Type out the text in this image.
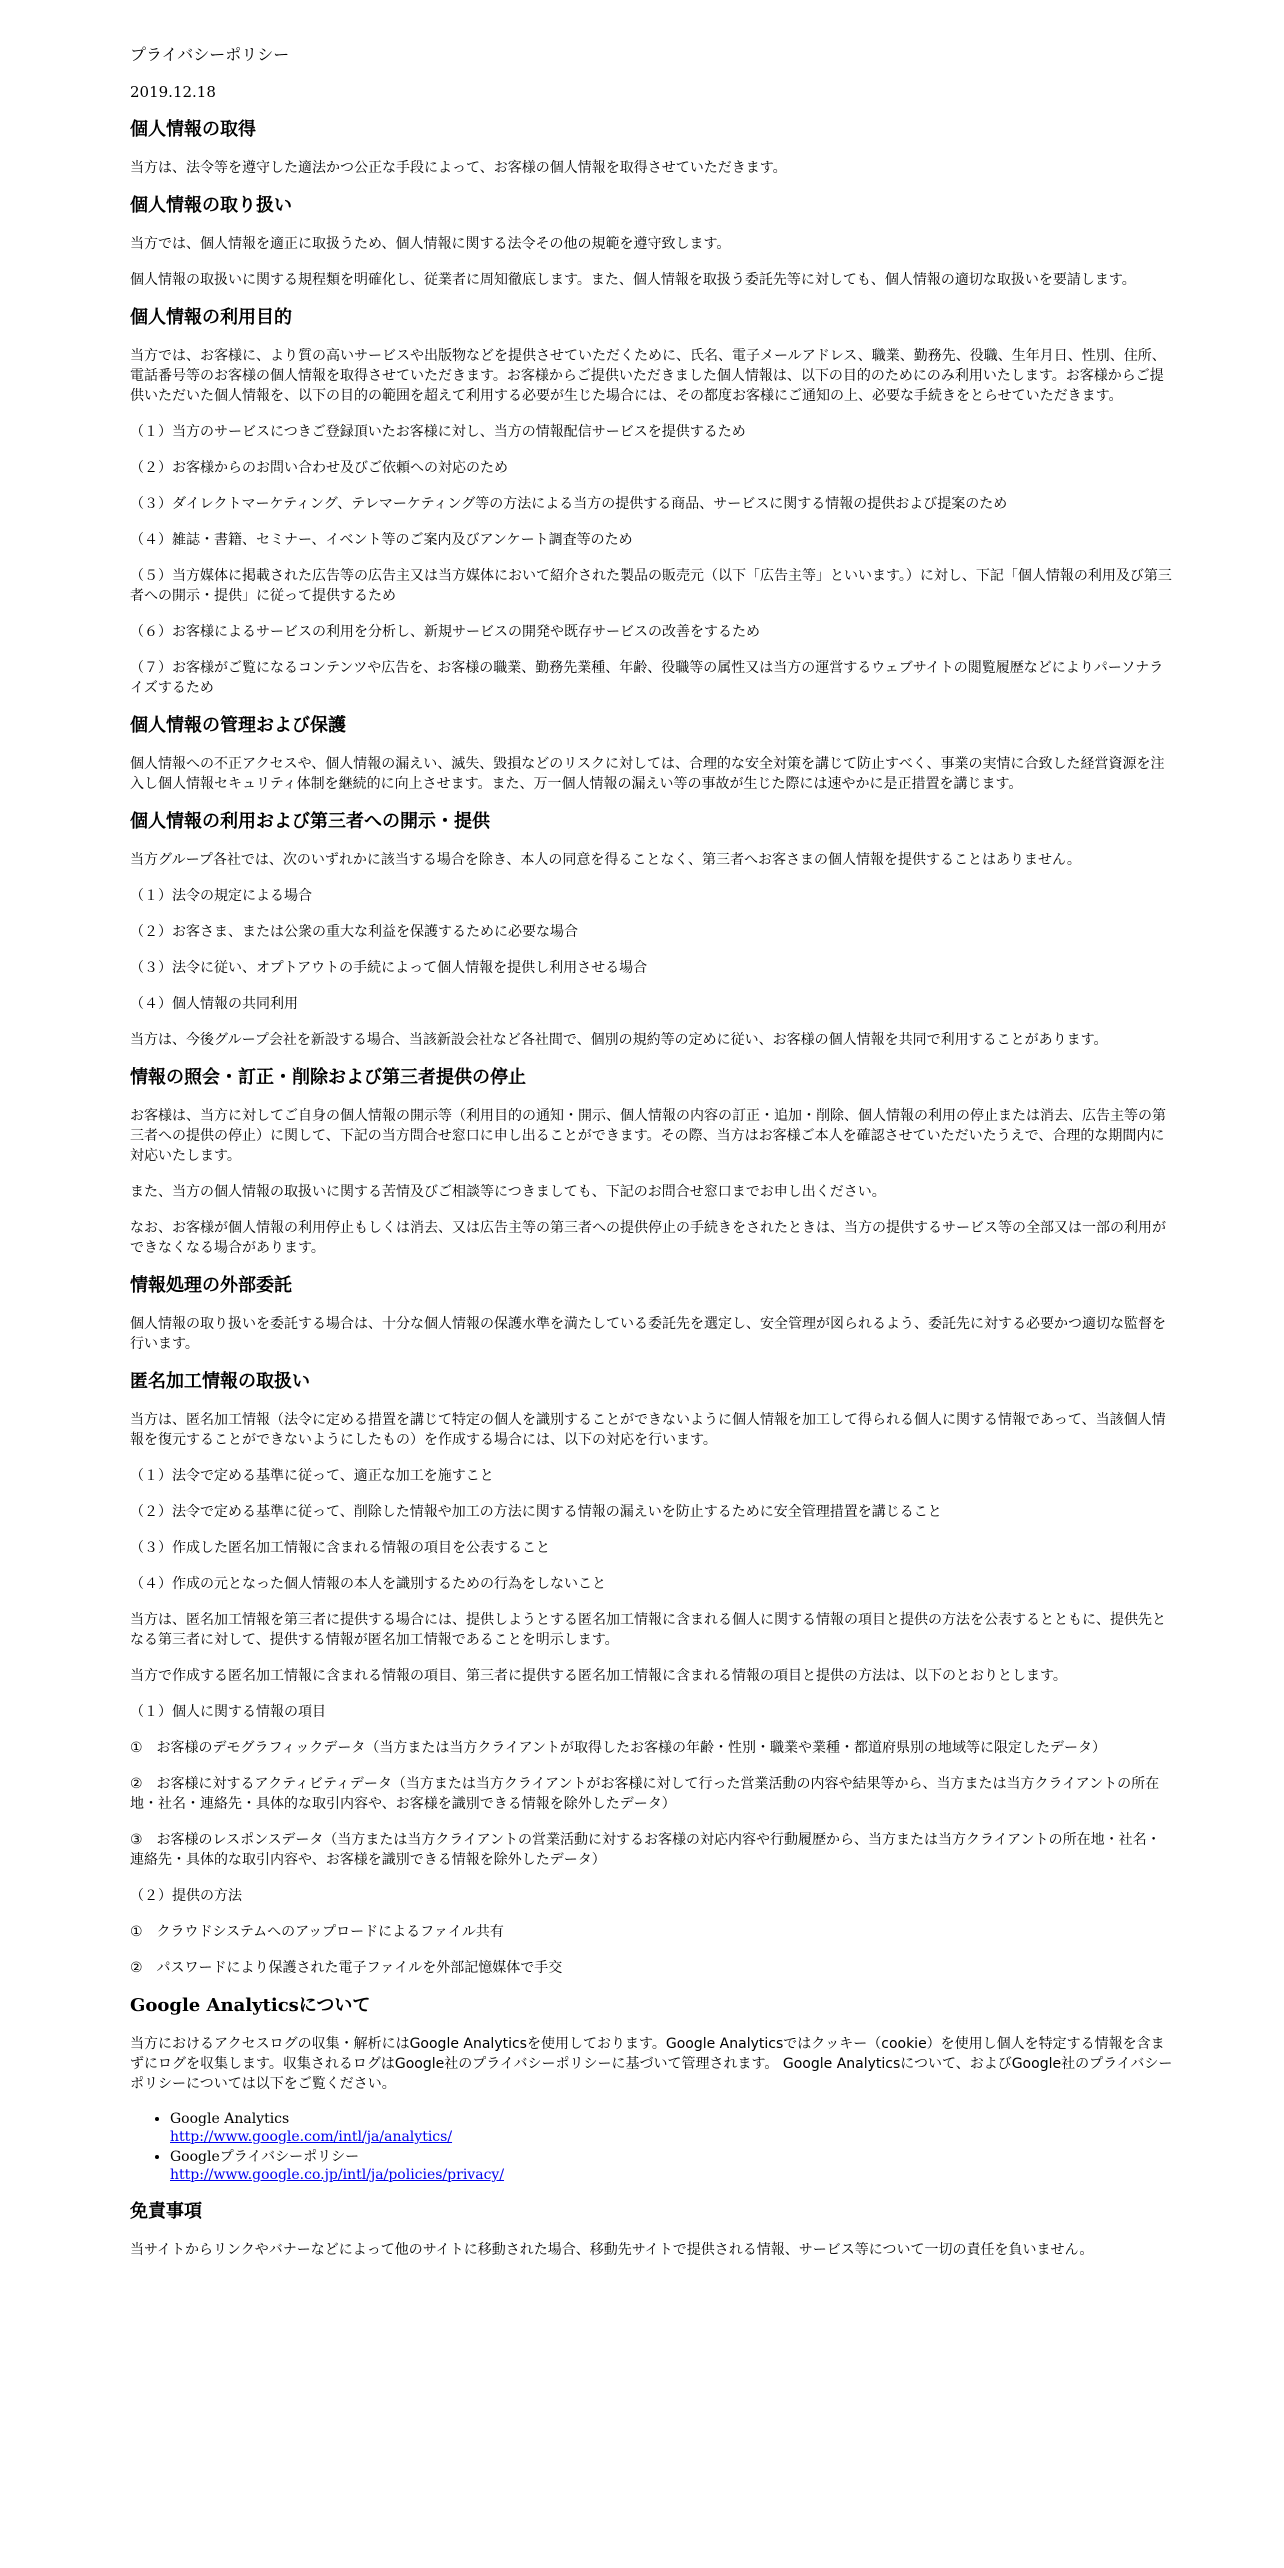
プライバシーポリシー
2019.12.18
個人情報の取得

当方は、法令等を遵守した適法かつ公正な手段によって、お客様の個人情報を取得させていただきます。

個人情報の取り扱い

当方では、個人情報を適正に取扱うため、個人情報に関する法令その他の規範を遵守致します。

個人情報の取扱いに関する規程類を明確化し、従業者に周知徹底します。また、個人情報を取扱う委託先等に対しても、個人情報の適切な取扱いを要請します。

個人情報の利用目的

当方では、お客様に、より質の高いサービスや出版物などを提供させていただくために、氏名、電子メールアドレス、職業、勤務先、役職、生年月日、性別、住所、電話番号等のお客様の個人情報を取得させていただきます。お客様からご提供いただきました個人情報は、以下の目的のためにのみ利用いたします。お客様からご提供いただいた個人情報を、以下の目的の範囲を超えて利用する必要が生じた場合には、その都度お客様にご通知の上、必要な手続きをとらせていただきます。

（１）当方のサービスにつきご登録頂いたお客様に対し、当方の情報配信サービスを提供するため

（２）お客様からのお問い合わせ及びご依頼への対応のため

（３）ダイレクトマーケティング、テレマーケティング等の方法による当方の提供する商品、サービスに関する情報の提供および提案のため

（４）雑誌・書籍、セミナー、イベント等のご案内及びアンケート調査等のため

（５）当方媒体に掲載された広告等の広告主又は当方媒体において紹介された製品の販売元（以下「広告主等」といいます。）に対し、下記「個人情報の利用及び第三者への開示・提供」に従って提供するため

（６）お客様によるサービスの利用を分析し、新規サービスの開発や既存サービスの改善をするため

（７）お客様がご覧になるコンテンツや広告を、お客様の職業、勤務先業種、年齢、役職等の属性又は当方の運営するウェブサイトの閲覧履歴などによりパーソナライズするため

個人情報の管理および保護

個人情報への不正アクセスや、個人情報の漏えい、滅失、毀損などのリスクに対しては、合理的な安全対策を講じて防止すべく、事業の実情に合致した経営資源を注入し個人情報セキュリティ体制を継続的に向上させます。また、万一個人情報の漏えい等の事故が生じた際には速やかに是正措置を講じます。

個人情報の利用および第三者への開示・提供

当方グループ各社では、次のいずれかに該当する場合を除き、本人の同意を得ることなく、第三者へお客さまの個人情報を提供することはありません。

（１）法令の規定による場合

（２）お客さま、または公衆の重大な利益を保護するために必要な場合

（３）法令に従い、オプトアウトの手続によって個人情報を提供し利用させる場合

（４）個人情報の共同利用

当方は、今後グループ会社を新設する場合、当該新設会社など各社間で、個別の規約等の定めに従い、お客様の個人情報を共同で利用することがあります。

情報の照会・訂正・削除および第三者提供の停止

お客様は、当方に対してご自身の個人情報の開示等（利用目的の通知・開示、個人情報の内容の訂正・追加・削除、個人情報の利用の停止または消去、広告主等の第三者への提供の停止）に関して、下記の当方問合せ窓口に申し出ることができます。その際、当方はお客様ご本人を確認させていただいたうえで、合理的な期間内に対応いたします。

また、当方の個人情報の取扱いに関する苦情及びご相談等につきましても、下記のお問合せ窓口までお申し出ください。

なお、お客様が個人情報の利用停止もしくは消去、又は広告主等の第三者への提供停止の手続きをされたときは、当方の提供するサービス等の全部又は一部の利用ができなくなる場合があります。

情報処理の外部委託

個人情報の取り扱いを委託する場合は、十分な個人情報の保護水準を満たしている委託先を選定し、安全管理が図られるよう、委託先に対する必要かつ適切な監督を行います。

匿名加工情報の取扱い

当方は、匿名加工情報（法令に定める措置を講じて特定の個人を識別することができないように個人情報を加工して得られる個人に関する情報であって、当該個人情報を復元することができないようにしたもの）を作成する場合には、以下の対応を行います。

（１）法令で定める基準に従って、適正な加工を施すこと

（２）法令で定める基準に従って、削除した情報や加工の方法に関する情報の漏えいを防止するために安全管理措置を講じること

（３）作成した匿名加工情報に含まれる情報の項目を公表すること

（４）作成の元となった個人情報の本人を識別するための行為をしないこと

当方は、匿名加工情報を第三者に提供する場合には、提供しようとする匿名加工情報に含まれる個人に関する情報の項目と提供の方法を公表するとともに、提供先となる第三者に対して、提供する情報が匿名加工情報であることを明示します。

当方で作成する匿名加工情報に含まれる情報の項目、第三者に提供する匿名加工情報に含まれる情報の項目と提供の方法は、以下のとおりとします。

（１）個人に関する情報の項目

①　お客様のデモグラフィックデータ（当方または当方クライアントが取得したお客様の年齢・性別・職業や業種・都道府県別の地域等に限定したデータ）

②　お客様に対するアクティビティデータ（当方または当方クライアントがお客様に対して行った営業活動の内容や結果等から、当方または当方クライアントの所在地・社名・連絡先・具体的な取引内容や、お客様を識別できる情報を除外したデータ）

③　お客様のレスポンスデータ（当方または当方クライアントの営業活動に対するお客様の対応内容や行動履歴から、当方または当方クライアントの所在地・社名・連絡先・具体的な取引内容や、お客様を識別できる情報を除外したデータ）

（２）提供の方法

①　クラウドシステムへのアップロードによるファイル共有

②　パスワードにより保護された電子ファイルを外部記憶媒体で手交

Google Analyticsについて

当方におけるアクセスログの収集・解析にはGoogle Analyticsを使用しております。Google Analyticsではクッキー（cookie）を使用し個人を特定する情報を含まずにログを収集します。収集されるログはGoogle社のプライバシーポリシーに基づいて管理されます。 Google Analyticsについて、およびGoogle社のプライバシーポリシーについては以下をご覧ください。

• Google Analytics
http://www.google.com/intl/ja/analytics/
• Googleプライバシーポリシー
http://www.google.co.jp/intl/ja/policies/privacy/
免責事項

当サイトからリンクやバナーなどによって他のサイトに移動された場合、移動先サイトで提供される情報、サービス等について一切の責任を負いません。
